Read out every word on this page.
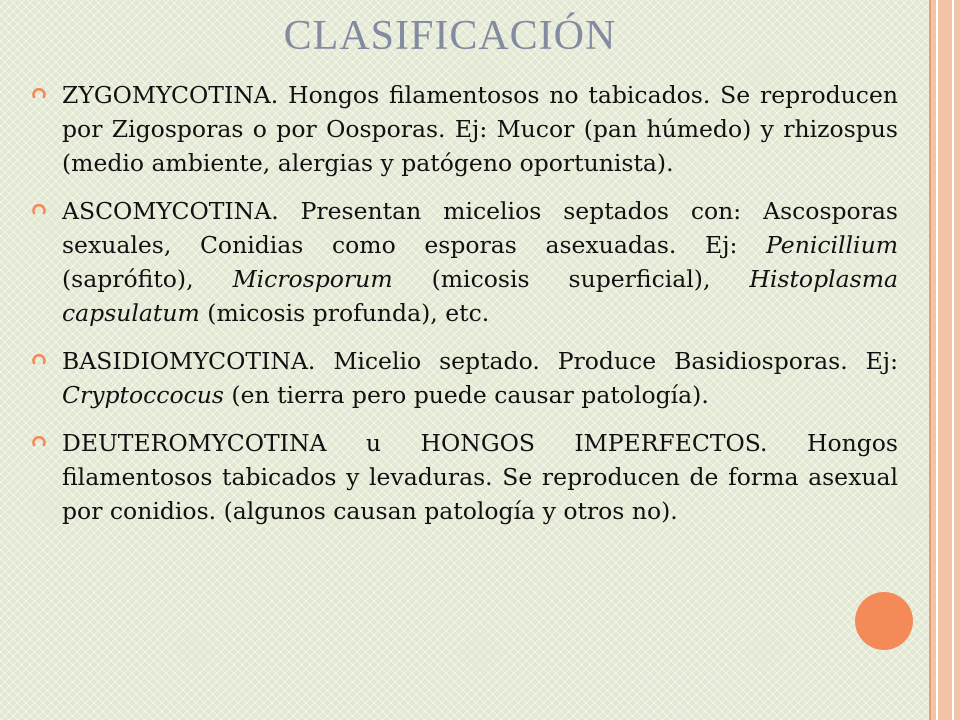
CLASIFICACIÓN
ZYGOMYCOTINA. Hongos filamentosos no tabicados. Se reproducen por Zigosporas o por Oosporas. Ej: Mucor (pan húmedo) y rhizospus (medio ambiente, alergias y patógeno oportunista).
ASCOMYCOTINA. Presentan micelios septados con: Ascosporas sexuales, Conidias como esporas asexuadas. Ej: Penicillium (saprófito), Microsporum (micosis superficial), Histoplasma capsulatum (micosis profunda), etc.
BASIDIOMYCOTINA. Micelio septado. Produce Basidiosporas. Ej: Cryptoccocus (en tierra pero puede causar patología).
DEUTEROMYCOTINA u HONGOS IMPERFECTOS. Hongos filamentosos tabicados y levaduras. Se reproducen de forma asexual por conidios. (algunos causan patología y otros no).
